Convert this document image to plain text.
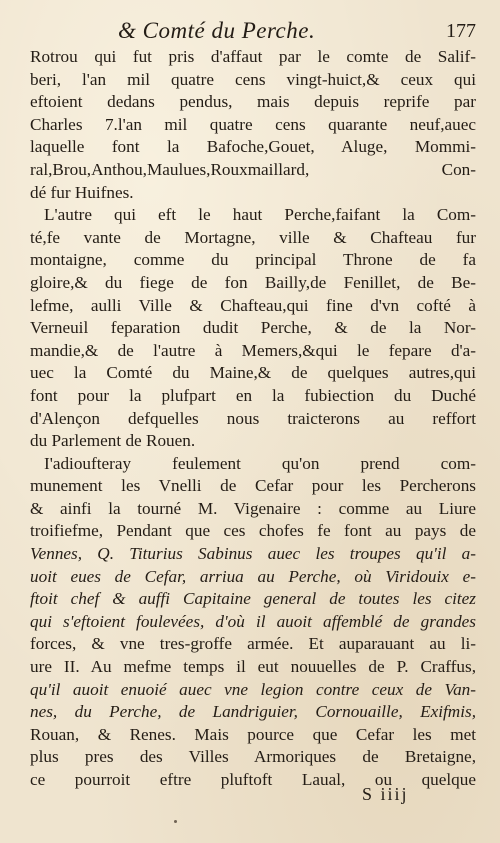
& Comté du Perche.	177
Rotrou qui fut pris d'affaut par le comte de Salif-
beri, l'an mil quatre cens vingt-huict,& ceux qui
eftoient dedans pendus, mais depuis reprife par
Charles 7.l'an mil quatre cens quarante neuf,auec
laquelle font la Bafoche,Gouet, Aluge, Mommi-
ral,Brou,Anthou,Maulues,Rouxmaillard, Con-
dé fur Huifnes.
L'autre qui eft le haut Perche,faifant la Com-
té,fe vante de Mortagne, ville & Chafteau fur
montaigne, comme du principal Throne de fa
gloire,& du fiege de fon Bailly,de Fenillet, de Be-
lefme, aulli Ville & Chafteau,qui fine d'vn cofté à
Verneuil feparation dudit Perche, & de la Nor-
mandie,& de l'autre à Memers,&qui le fepare d'a-
uec la Comté du Maine,& de quelques autres,qui
font pour la plufpart en la fubiection du Duché
d'Alençon defquelles nous traicterons au reffort
du Parlement de Rouen.
I'adioufteray feulement qu'on prend com-
munement les Vnelli de Cefar pour les Percherons
& ainfi la tourné M. Vigenaire : comme au Liure
troifiefme, Pendant que ces chofes fe font au pays de
Vennes, Q. Titurius Sabinus auec les troupes qu'il a-
uoit eues de Cefar, arriua au Perche, où Viridouix e-
ftoit chef & auffi Capitaine general de toutes les citez
qui s'eftoient foulevées, d'où il auoit affemblé de grandes
forces, & vne tres-groffe armée. Et auparauant au li-
ure II. Au mefme temps il eut nouuelles de P. Craffus,
qu'il auoit enuoié auec vne legion contre ceux de Van-
nes, du Perche, de Landriguier, Cornouaille, Exifmis,
Rouan, & Renes. Mais pource que Cefar les met
plus pres des Villes Armoriques de Bretaigne,
ce pourroit eftre pluftoft Laual, ou quelque
S iiij
